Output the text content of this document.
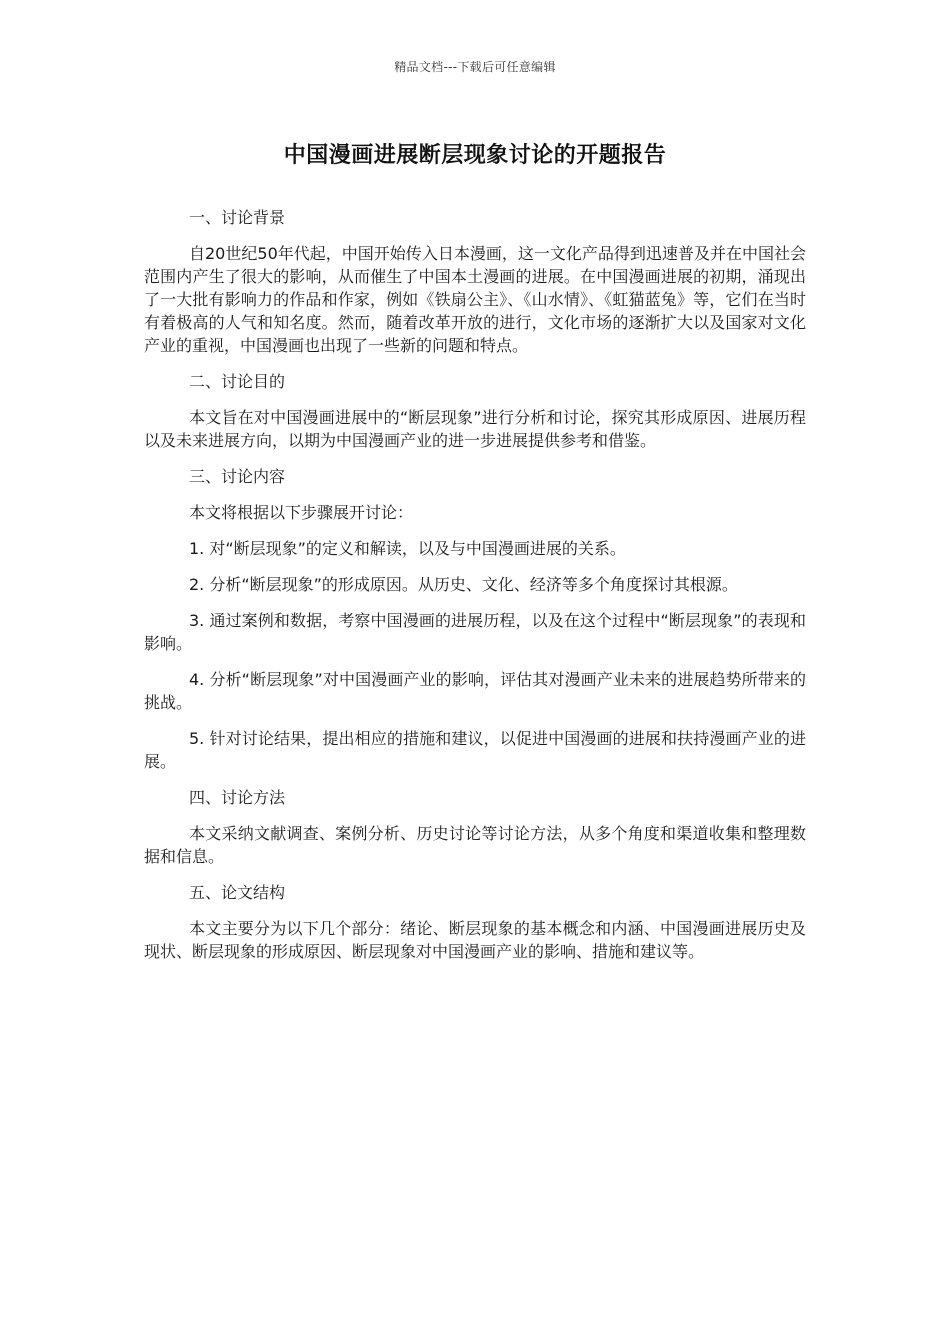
精品文档---下载后可任意编辑
中国漫画进展断层现象讨论的开题报告

一、讨论背景

自20世纪50年代起，中国开始传入日本漫画，这一文化产品得到迅速普及并在中国社会范围内产生了很大的影响，从而催生了中国本土漫画的进展。在中国漫画进展的初期，涌现出了一大批有影响力的作品和作家，例如《铁扇公主》、《山水情》、《虹猫蓝兔》等，它们在当时有着极高的人气和知名度。然而，随着改革开放的进行，文化市场的逐渐扩大以及国家对文化产业的重视，中国漫画也出现了一些新的问题和特点。

二、讨论目的

本文旨在对中国漫画进展中的“断层现象”进行分析和讨论，探究其形成原因、进展历程以及未来进展方向，以期为中国漫画产业的进一步进展提供参考和借鉴。

三、讨论内容

本文将根据以下步骤展开讨论：

1. 对“断层现象”的定义和解读，以及与中国漫画进展的关系。

2. 分析“断层现象”的形成原因。从历史、文化、经济等多个角度探讨其根源。

3. 通过案例和数据，考察中国漫画的进展历程，以及在这个过程中“断层现象”的表现和影响。

4. 分析“断层现象”对中国漫画产业的影响，评估其对漫画产业未来的进展趋势所带来的挑战。

5. 针对讨论结果，提出相应的措施和建议，以促进中国漫画的进展和扶持漫画产业的进展。

四、讨论方法

本文采纳文献调查、案例分析、历史讨论等讨论方法，从多个角度和渠道收集和整理数据和信息。

五、论文结构

本文主要分为以下几个部分：绪论、断层现象的基本概念和内涵、中国漫画进展历史及现状、断层现象的形成原因、断层现象对中国漫画产业的影响、措施和建议等。
